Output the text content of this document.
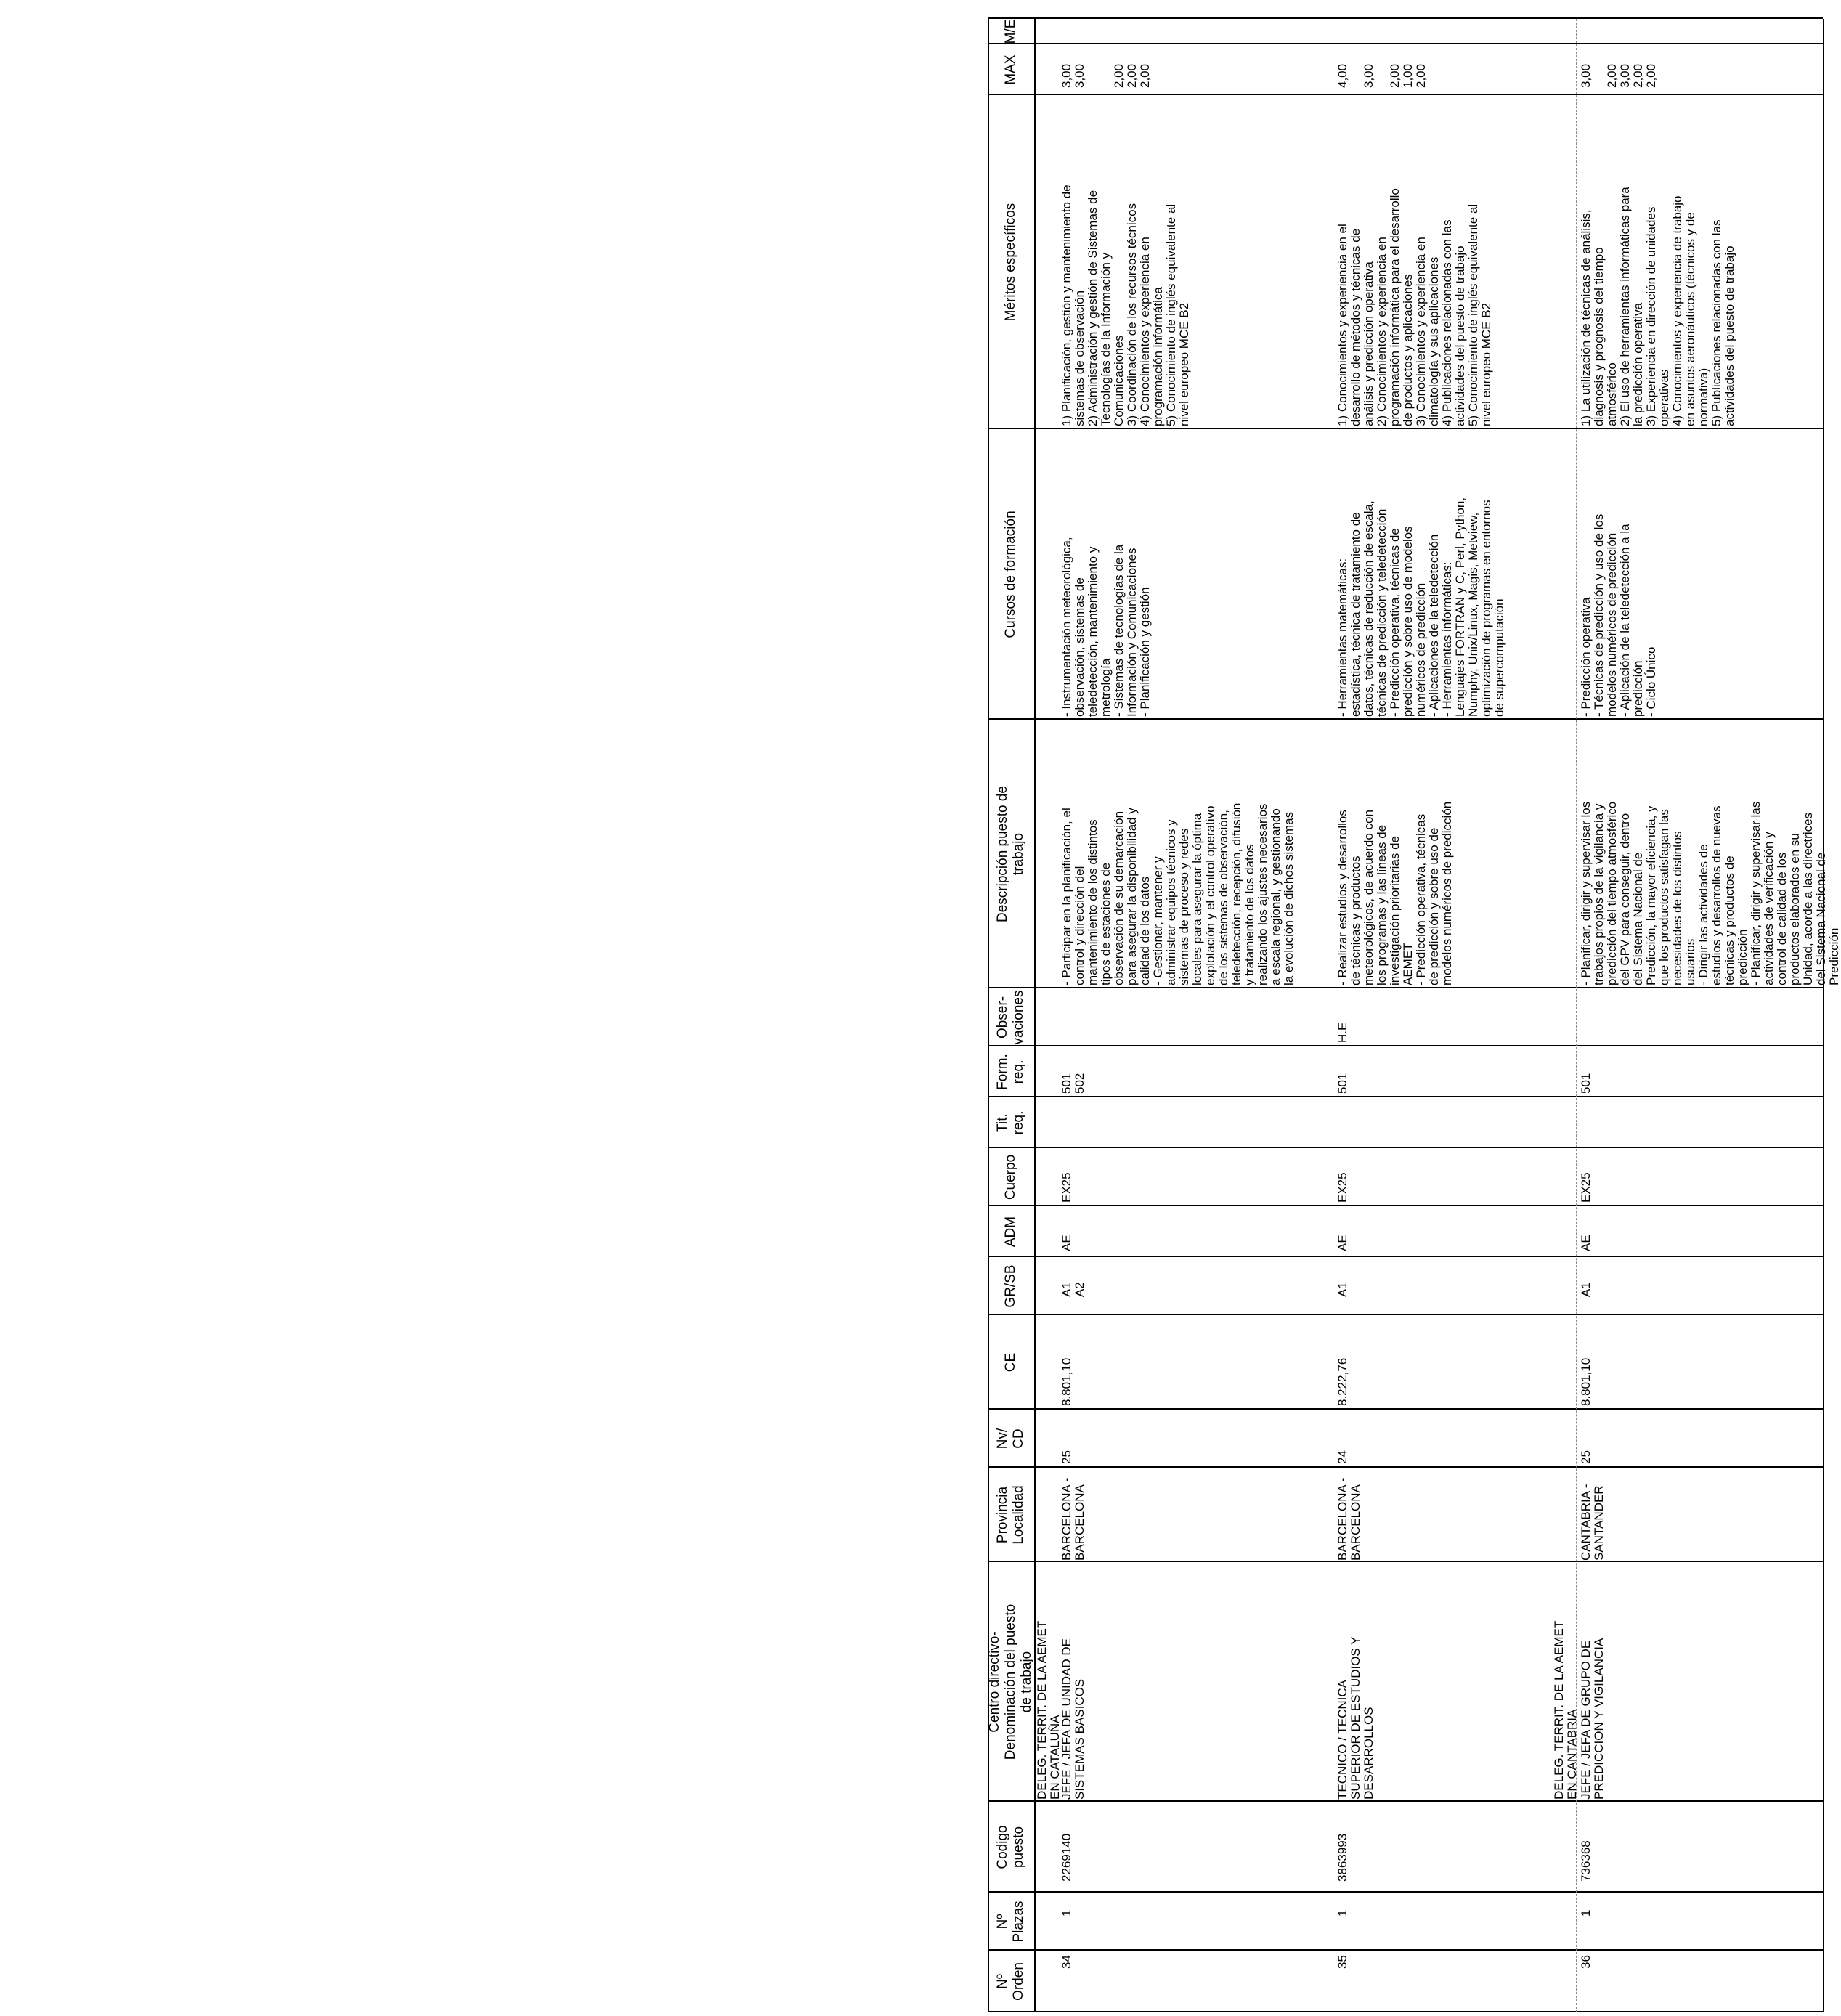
Nº
Orden
Nº
Plazas
Codigo
puesto
Centro directivo-
Denominación del puesto
de trabajo
Provincia
Localidad
Nv/
CD
CE
GR/SB
ADM
Cuerpo
Tit.
req.
Form.
req.
Obser-
vaciones
Descripción puesto de
trabajo
Cursos de formación
Méritos específicos
MAX
M/E
34
1
2269140
DELEG. TERRIT. DE LA AEMET
EN CATALUÑA
JEFE / JEFA DE UNIDAD DE
SISTEMAS BASICOS
BARCELONA -
BARCELONA
25
8.801,10
A1
A2
AE
EX25
501
502
- Participar en la planificación, el
control y dirección del
mantenimiento de los distintos
tipos de estaciones de
observación de su demarcación
para asegurar la disponibilidad y
calidad de los datos
- Gestionar, mantener y
administrar equipos técnicos y
sistemas de proceso y redes
locales para asegurar la óptima
explotación y el control operativo
de los sistemas de observación,
teledetección, recepción, difusión
y tratamiento de los datos
realizando los ajustes necesarios
a escala regional, y gestionando
la evolución de dichos sistemas
- Instrumentación meteorológica,
observación, sistemas de
teledetección, mantenimiento y
metrología
- Sistemas de tecnologías de la
Información y Comunicaciones
- Planificación y gestión
1) Planificación, gestión y mantenimiento de
sistemas de observación
2) Administración y gestión de Sistemas de
Tecnologías de la Información y
Comunicaciones
3) Coordinación de los recursos técnicos
4) Conocimientos y experiencia en
programación informática
5) Conocimiento de inglés equivalente al
nivel europeo MCE B2
3,00
3,00

2,00
2,00
2,00
35
1
3863993
TECNICO / TECNICA
SUPERIOR DE ESTUDIOS Y
DESARROLLOS
BARCELONA -
BARCELONA
24
8.222,76
A1
AE
EX25
501
H.E
- Realizar estudios y desarrollos
de técnicas y productos
meteorológicos, de acuerdo con
los programas y las líneas de
investigación prioritarias de
AEMET
- Predicción operativa, técnicas
de predicción y sobre uso de
modelos numéricos de predicción
- Herramientas matemáticas:
estadística, técnica de tratamiento de
datos, técnicas de reducción de escala,
técnicas de predicción y teledetección
- Predicción operativa, técnicas de
predicción y sobre uso de modelos
numéricos de predicción
- Aplicaciones de la teledetección
- Herramientas informáticas:
Lenguajes FORTRAN y C, Perl, Python,
Numphy, Unix/Linux, Magis, Metview,
optimización de programas en entornos
de supercomputación
1) Conocimientos y experiencia en el
desarrollo de métodos y técnicas de
análisis y predicción operativa
2) Conocimientos y experiencia en
programación informática para el desarrollo
de productos y aplicaciones
3) Conocimientos y experiencia en
climatología y sus aplicaciones
4) Publicaciones relacionadas con las
actividades del puesto de trabajo
5) Conocimiento de inglés equivalente al
nivel europeo MCE B2
4,00

3,00

2,00
1,00
2,00
DELEG. TERRIT. DE LA AEMET
EN CANTABRIA
36
1
736368
JEFE / JEFA DE GRUPO DE
PREDICCION Y VIGILANCIA
CANTABRIA -
SANTANDER
25
8.801,10
A1
AE
EX25
501
- Planificar, dirigir y supervisar los
trabajos propios de la vigilancia y
predicción del tiempo atmosférico
del GPV para conseguir, dentro
del Sistema Nacional de
Predicción, la mayor eficiencia, y
que los productos satisfagan las
necesidades de los distintos
usuarios
- Dirigir las actividades de
estudios y desarrollos de nuevas
técnicas y productos de
predicción
- Planificar, dirigir y supervisar las
actividades de verificación y
control de calidad de los
productos elaborados en su
Unidad, acorde a las directrices
del Sistema Nacional de
Predicción
- Predicción operativa
- Técnicas de predicción y uso de los
modelos numéricos de predicción
- Aplicación de la teledetección a la
predicción
- Ciclo Único
1) La utilización de técnicas de análisis,
diagnosis y prognosis del tiempo
atmosférico
2) El uso de herramientas informáticas para
la predicción operativa
3) Experiencia en dirección de unidades
operativas
4) Conocimientos y experiencia de trabajo
en asuntos aeronáuticos (técnicos y de
normativa)
5) Publicaciones relacionadas con las
actividades del puesto de trabajo
3,00

2,00
3,00
2,00
2,00
